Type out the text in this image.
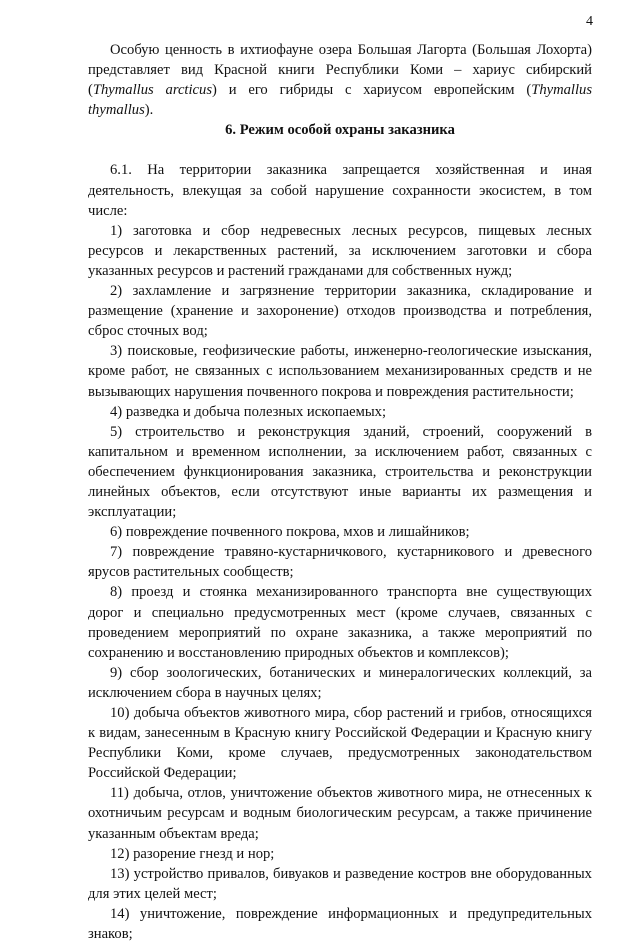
4

Особую ценность в ихтиофауне озера Большая Лагорта (Большая Лохорта) представляет вид Красной книги Республики Коми – хариус сибирский (Thymallus arcticus) и его гибриды с хариусом европейским (Thymallus thymallus).

6. Режим особой охраны заказника

6.1. На территории заказника запрещается хозяйственная и иная деятельность, влекущая за собой нарушение сохранности экосистем, в том числе:

1) заготовка и сбор недревесных лесных ресурсов, пищевых лесных ресурсов и лекарственных растений, за исключением заготовки и сбора указанных ресурсов и растений гражданами для собственных нужд;

2) захламление и загрязнение территории заказника, складирование и размещение (хранение и захоронение) отходов производства и потребления, сброс сточных вод;

3) поисковые, геофизические работы, инженерно-геологические изыскания, кроме работ, не связанных с использованием механизированных средств и не вызывающих нарушения почвенного покрова и повреждения растительности;

4) разведка и добыча полезных ископаемых;

5) строительство и реконструкция зданий, строений, сооружений в капитальном и временном исполнении, за исключением работ, связанных с обеспечением функционирования заказника, строительства и реконструкции линейных объектов, если отсутствуют иные варианты их размещения и эксплуатации;

6) повреждение почвенного покрова, мхов и лишайников;

7) повреждение травяно-кустарничкового, кустарникового и древесного ярусов растительных сообществ;

8) проезд и стоянка механизированного транспорта вне существующих дорог и специально предусмотренных мест (кроме случаев, связанных с проведением мероприятий по охране заказника, а также мероприятий по сохранению и восстановлению природных объектов и комплексов);

9) сбор зоологических, ботанических и минералогических коллекций, за исключением сбора в научных целях;

10) добыча объектов животного мира, сбор растений и грибов, относящихся к видам, занесенным в Красную книгу Российской Федерации и Красную книгу Республики Коми, кроме случаев, предусмотренных законодательством Российской Федерации;

11) добыча, отлов, уничтожение объектов животного мира, не отнесенных к охотничьим ресурсам и водным биологическим ресурсам, а также причинение указанным объектам вреда;

12) разорение гнезд и нор;

13) устройство привалов, бивуаков и разведение костров вне оборудованных для этих целей мест;

14) уничтожение, повреждение информационных и предупредительных знаков;
